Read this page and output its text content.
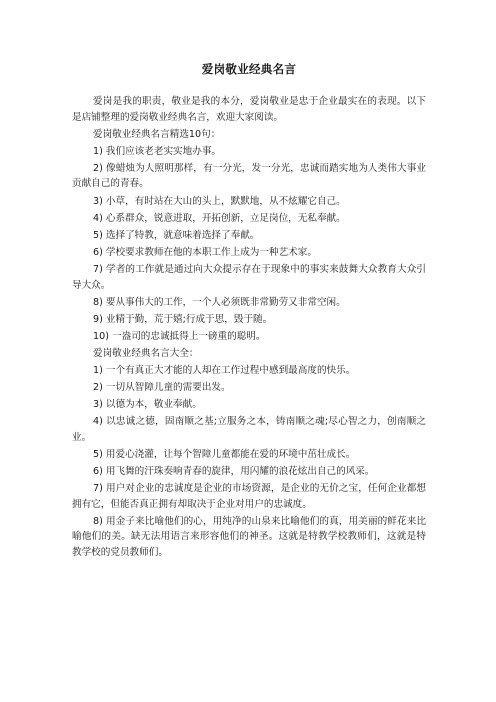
爱岗敬业经典名言

爱岗是我的职责，敬业是我的本分，爱岗敬业是忠于企业最实在的表现。以下是店铺整理的爱岗敬业经典名言，欢迎大家阅读。

爱岗敬业经典名言精选10句：

1) 我们应该老老实实地办事。

2) 像蜡烛为人照明那样，有一分光，发一分光，忠诚而踏实地为人类伟大事业贡献自己的青春。

3) 小草，有时站在大山的头上，默默地，从不炫耀它自己。

4) 心系群众，锐意进取，开拓创新，立足岗位，无私奉献。

5) 选择了特教，就意味着选择了奉献。

6) 学校要求教师在他的本职工作上成为一种艺术家。

7) 学者的工作就是通过向大众提示存在于现象中的事实来鼓舞大众教育大众引导大众。

8) 要从事伟大的工作，一个人必须既非常勤劳又非常空闲。

9) 业精于勤，荒于嬉;行成于思，毁于随。

10) 一盎司的忠诚抵得上一磅重的聪明。

爱岗敬业经典名言大全：

1) 一个有真正大才能的人却在工作过程中感到最高度的快乐。

2) 一切从智障儿童的需要出发。

3) 以德为本，敬业奉献。

4) 以忠诚之德，固南顺之基;立服务之本，铸南顺之魂;尽心智之力，创南顺之业。

5) 用爱心浇灌，让每个智障儿童都能在爱的环境中茁壮成长。

6) 用飞舞的汗珠奏响青春的旋律，用闪耀的浪花炫出自己的风采。

7) 用户对企业的忠诚度是企业的市场资源，是企业的无价之宝，任何企业都想拥有它，但能否真正拥有却取决于企业对用户的忠诚度。

8) 用金子来比喻他们的心，用纯净的山泉来比喻他们的真，用美丽的鲜花来比喻他们的美。缺无法用语言来形容他们的神圣。这就是特教学校教师们，这就是特教学校的党员教师们。
